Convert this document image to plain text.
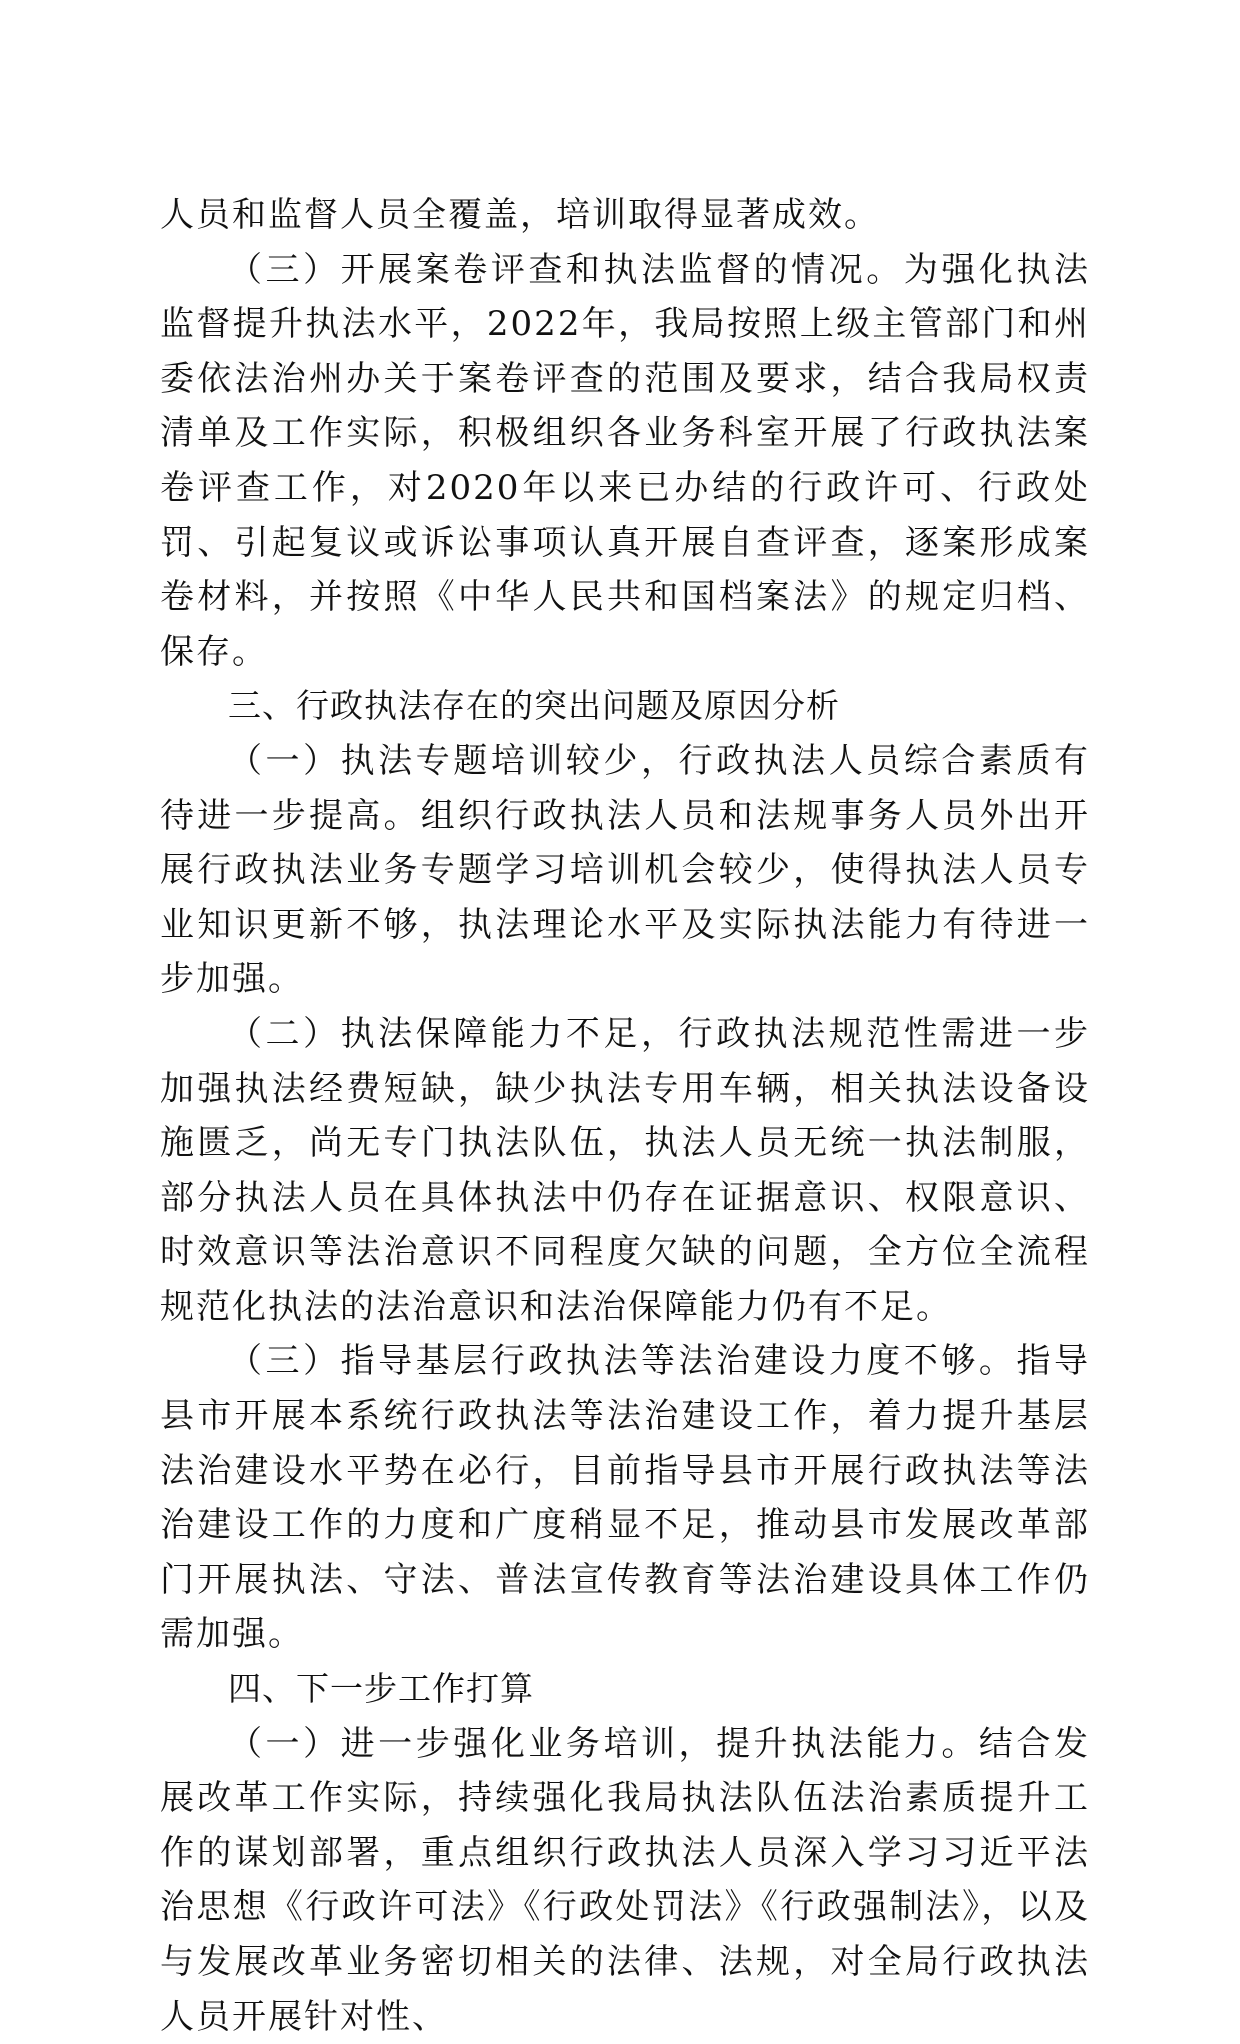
人员和监督人员全覆盖，培训取得显著成效。

（三）开展案卷评查和执法监督的情况。为强化执法监督提升执法水平，2022年，我局按照上级主管部门和州委依法治州办关于案卷评查的范围及要求，结合我局权责清单及工作实际，积极组织各业务科室开展了行政执法案卷评查工作，对2020年以来已办结的行政许可、行政处罚、引起复议或诉讼事项认真开展自查评查，逐案形成案卷材料，并按照《中华人民共和国档案法》的规定归档、保存。

三、行政执法存在的突出问题及原因分析

（一）执法专题培训较少，行政执法人员综合素质有待进一步提高。组织行政执法人员和法规事务人员外出开展行政执法业务专题学习培训机会较少，使得执法人员专业知识更新不够，执法理论水平及实际执法能力有待进一步加强。

（二）执法保障能力不足，行政执法规范性需进一步加强执法经费短缺，缺少执法专用车辆，相关执法设备设施匮乏，尚无专门执法队伍，执法人员无统一执法制服，部分执法人员在具体执法中仍存在证据意识、权限意识、时效意识等法治意识不同程度欠缺的问题，全方位全流程规范化执法的法治意识和法治保障能力仍有不足。

（三）指导基层行政执法等法治建设力度不够。指导县市开展本系统行政执法等法治建设工作，着力提升基层法治建设水平势在必行，目前指导县市开展行政执法等法治建设工作的力度和广度稍显不足，推动县市发展改革部门开展执法、守法、普法宣传教育等法治建设具体工作仍需加强。

四、下一步工作打算

（一）进一步强化业务培训，提升执法能力。结合发展改革工作实际，持续强化我局执法队伍法治素质提升工作的谋划部署，重点组织行政执法人员深入学习习近平法治思想《行政许可法》《行政处罚法》《行政强制法》，以及与发展改革业务密切相关的法律、法规，对全局行政执法人员开展针对性、
